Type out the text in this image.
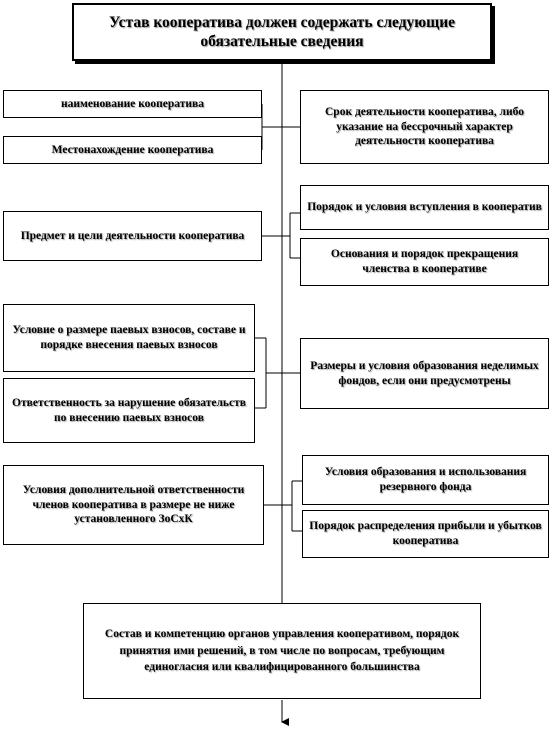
Устав кооператива должен содержать следующие обязательные сведения
наименование кооператива
Местонахождение кооператива
Предмет и цели деятельности кооператива
Условие о размере паевых взносов, составе и порядке внесения паевых взносов
Ответственность за нарушение обязательств по внесению паевых взносов
Условия дополнительной ответственности членов кооператива в размере не ниже установленного ЗоСхК
Срок деятельности кооператива, либо указание на бессрочный характер деятельности кооператива
Порядок и условия вступления в кооператив
Основания и порядок прекращения членства в кооперативе
Размеры и условия образования неделимых фондов, если они предусмотрены
Условия образования и использования резервного фонда
Порядок распределения прибыли и убытков кооператива
Состав и компетенцию органов управления кооперативом, порядок принятия ими решений, в том числе по вопросам, требующим единогласия или квалифицированного большинства
